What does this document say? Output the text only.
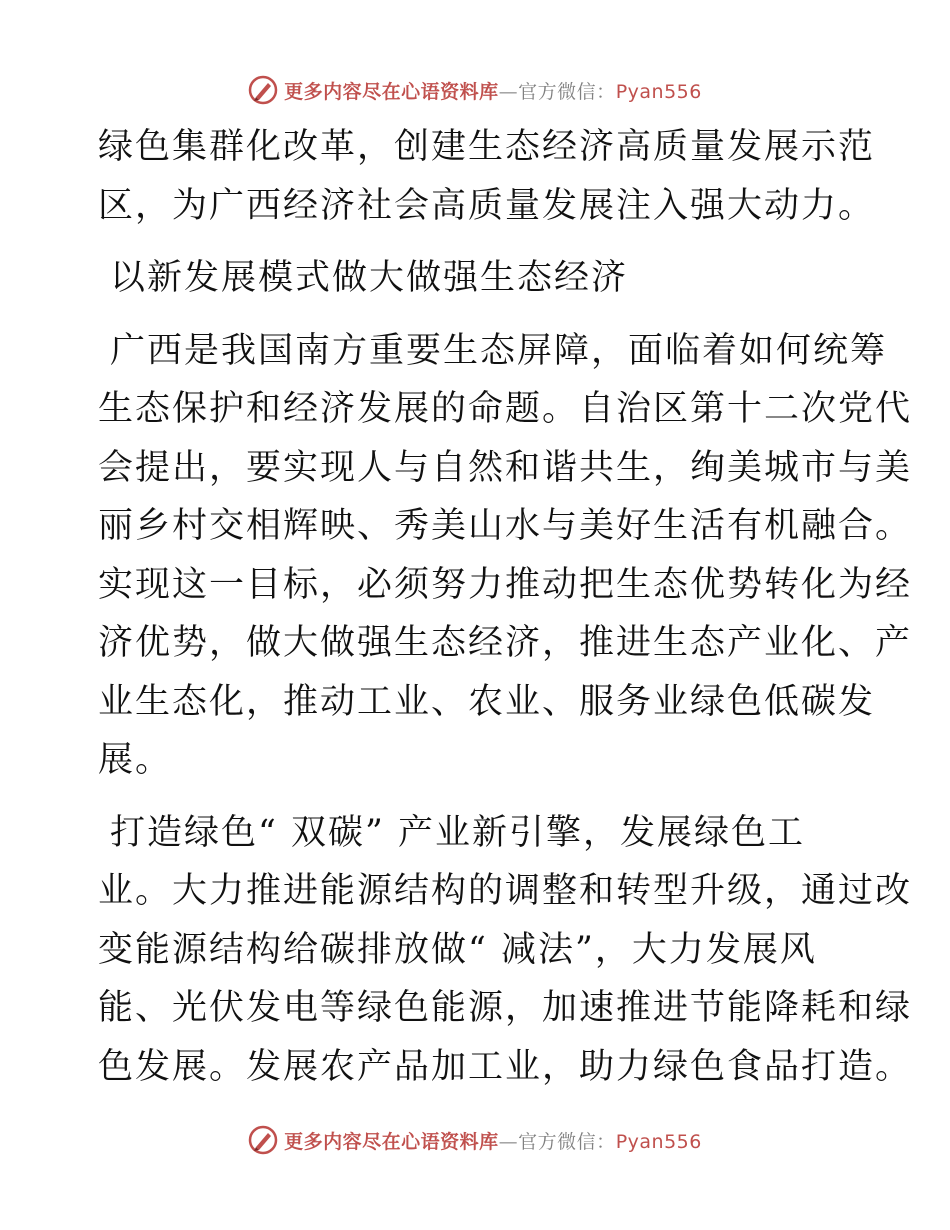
更多内容尽在心语资料库—官方微信：Pyan556

绿色集群化改革，创建生态经济高质量发展示范
区，为广西经济社会高质量发展注入强大动力。

以新发展模式做大做强生态经济

广西是我国南方重要生态屏障，面临着如何统筹
生态保护和经济发展的命题。自治区第十二次党代
会提出，要实现人与自然和谐共生，绚美城市与美
丽乡村交相辉映、秀美山水与美好生活有机融合。
实现这一目标，必须努力推动把生态优势转化为经
济优势，做大做强生态经济，推进生态产业化、产
业生态化，推动工业、农业、服务业绿色低碳发
展。

打造绿色“ 双碳” 产业新引擎，发展绿色工
业。大力推进能源结构的调整和转型升级，通过改
变能源结构给碳排放做“ 减法”，大力发展风
能、光伏发电等绿色能源，加速推进节能降耗和绿
色发展。发展农产品加工业，助力绿色食品打造。

更多内容尽在心语资料库—官方微信：Pyan556
